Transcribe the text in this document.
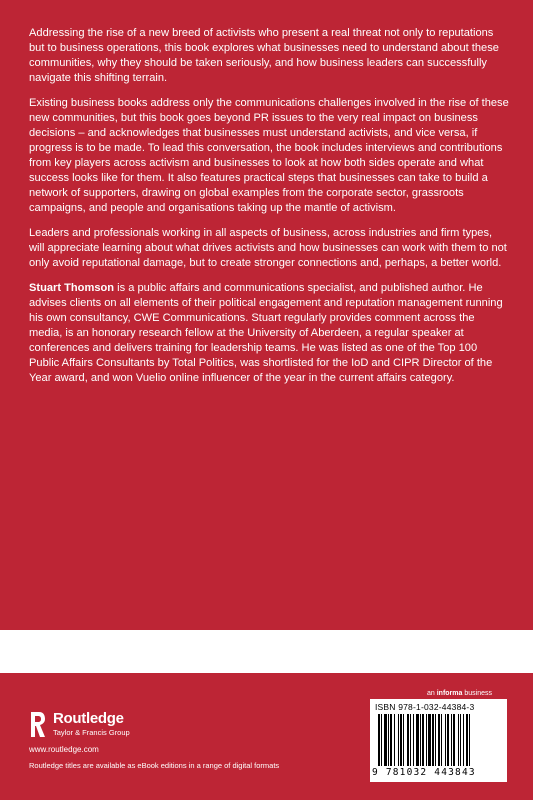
Addressing the rise of a new breed of activists who present a real threat not only to reputations but to business operations, this book explores what businesses need to understand about these communities, why they should be taken seriously, and how business leaders can successfully navigate this shifting terrain.

Existing business books address only the communications challenges involved in the rise of these new communities, but this book goes beyond PR issues to the very real impact on business decisions – and acknowledges that businesses must understand activists, and vice versa, if progress is to be made. To lead this conversation, the book includes interviews and contributions from key players across activism and businesses to look at how both sides operate and what success looks like for them. It also features practical steps that businesses can take to build a network of supporters, drawing on global examples from the corporate sector, grassroots campaigns, and people and organisations taking up the mantle of activism.

Leaders and professionals working in all aspects of business, across industries and firm types, will appreciate learning about what drives activists and how businesses can work with them to not only avoid reputational damage, but to create stronger connections and, perhaps, a better world.

Stuart Thomson is a public affairs and communications specialist, and published author. He advises clients on all elements of their political engagement and reputation management running his own consultancy, CWE Communications. Stuart regularly provides comment across the media, is an honorary research fellow at the University of Aberdeen, a regular speaker at conferences and delivers training for leadership teams. He was listed as one of the Top 100 Public Affairs Consultants by Total Politics, was shortlisted for the IoD and CIPR Director of the Year award, and won Vuelio online influencer of the year in the current affairs category.

Routledge
Taylor & Francis Group
www.routledge.com
Routledge titles are available as eBook editions in a range of digital formats
an informa business
ISBN 978-1-032-44384-3
9 781032 443843
